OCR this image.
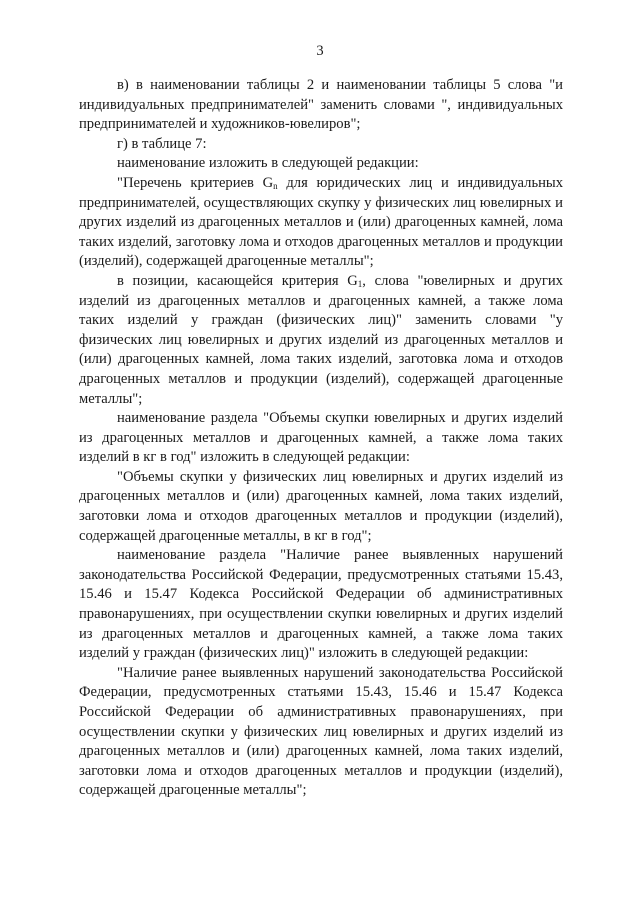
3

в) в наименовании таблицы 2 и наименовании таблицы 5 слова "и индивидуальных предпринимателей" заменить словами ", индивидуальных предпринимателей и художников-ювелиров";

г) в таблице 7:

наименование изложить в следующей редакции:

"Перечень критериев $G_n$ для юридических лиц и индивидуальных предпринимателей, осуществляющих скупку у физических лиц ювелирных и других изделий из драгоценных металлов и (или) драгоценных камней, лома таких изделий, заготовку лома и отходов драгоценных металлов и продукции (изделий), содержащей драгоценные металлы";

в позиции, касающейся критерия $G_1$, слова "ювелирных и других изделий из драгоценных металлов и драгоценных камней, а также лома таких изделий у граждан (физических лиц)" заменить словами "у физических лиц ювелирных и других изделий из драгоценных металлов и (или) драгоценных камней, лома таких изделий, заготовка лома и отходов драгоценных металлов и продукции (изделий), содержащей драгоценные металлы";

наименование раздела "Объемы скупки ювелирных и других изделий из драгоценных металлов и драгоценных камней, а также лома таких изделий в кг в год" изложить в следующей редакции:

"Объемы скупки у физических лиц ювелирных и других изделий из драгоценных металлов и (или) драгоценных камней, лома таких изделий, заготовки лома и отходов драгоценных металлов и продукции (изделий), содержащей драгоценные металлы, в кг в год";

наименование раздела "Наличие ранее выявленных нарушений законодательства Российской Федерации, предусмотренных статьями 15.43, 15.46 и 15.47 Кодекса Российской Федерации об административных правонарушениях, при осуществлении скупки ювелирных и других изделий из драгоценных металлов и драгоценных камней, а также лома таких изделий у граждан (физических лиц)" изложить в следующей редакции:

"Наличие ранее выявленных нарушений законодательства Российской Федерации, предусмотренных статьями 15.43, 15.46 и 15.47 Кодекса Российской Федерации об административных правонарушениях, при осуществлении скупки у физических лиц ювелирных и других изделий из драгоценных металлов и (или) драгоценных камней, лома таких изделий, заготовки лома и отходов драгоценных металлов и продукции (изделий), содержащей драгоценные металлы";
